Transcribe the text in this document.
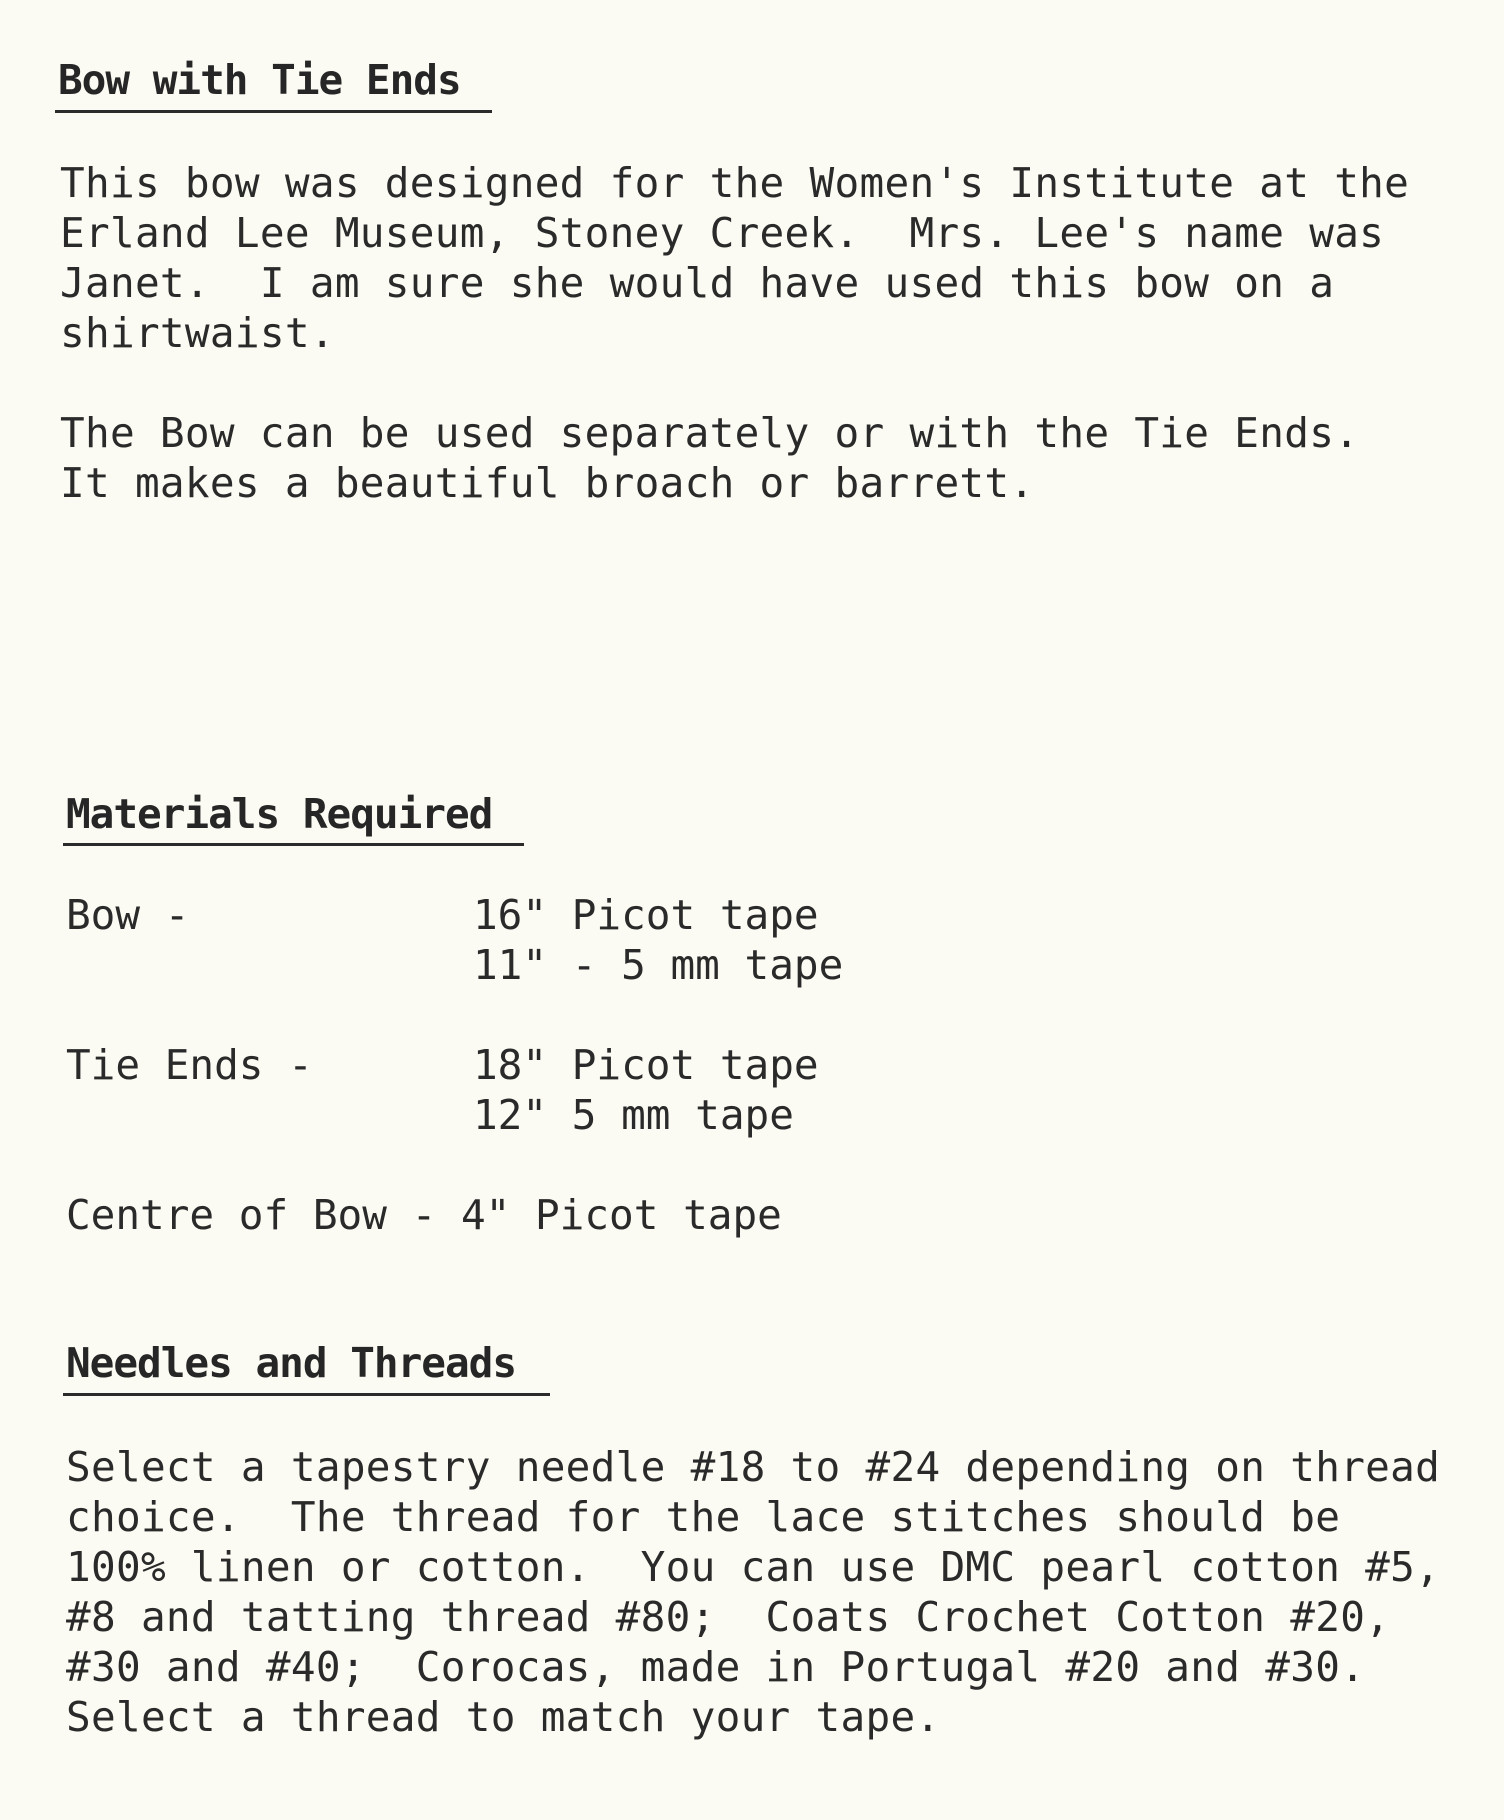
Bow with Tie Ends
This bow was designed for the Women's Institute at the
Erland Lee Museum, Stoney Creek.  Mrs. Lee's name was
Janet.  I am sure she would have used this bow on a
shirtwaist.
The Bow can be used separately or with the Tie Ends.
It makes a beautiful broach or barrett.
Materials Required
Bow -	16" Picot tape
11" - 5 mm tape
Tie Ends -	18" Picot tape
12" 5 mm tape
Centre of Bow - 4" Picot tape
Needles and Threads
Select a tapestry needle #18 to #24 depending on thread
choice.  The thread for the lace stitches should be
100% linen or cotton.  You can use DMC pearl cotton #5,
#8 and tatting thread #80;  Coats Crochet Cotton #20,
#30 and #40;  Corocas, made in Portugal #20 and #30.
Select a thread to match your tape.
